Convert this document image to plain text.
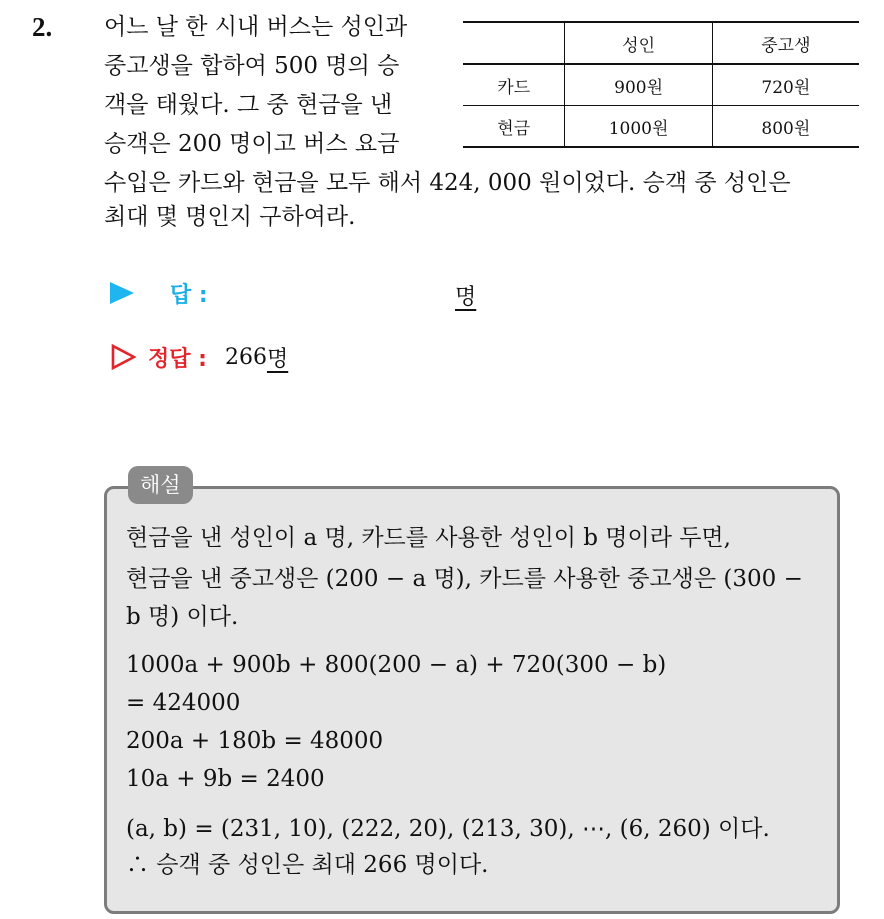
2. 어느 날 한 시내 버스는 성인과
중고생을 합하여 500 명의 승
객을 태웠다. 그 중 현금을 낸
승객은 200 명이고 버스 요금
수입은 카드와 현금을 모두 해서 424, 000 원이었다. 승객 중 성인은
최대 몇 명인지 구하여라.
	성인	중고생
카드	900원	720원
현금	1000원	800원
답 :	명
정답 : 266 명
해설
현금을 낸 성인이 a 명, 카드를 사용한 성인이 b 명이라 두면,
현금을 낸 중고생은 (200 − a 명), 카드를 사용한 중고생은 (300 −
b 명) 이다.
1000a + 900b + 800(200 − a) + 720(300 − b)
= 424000
200a + 180b = 48000
10a + 9b = 2400
(a, b) = (231, 10), (222, 20), (213, 30), ⋯, (6, 260) 이다.
∴ 승객 중 성인은 최대 266 명이다.
